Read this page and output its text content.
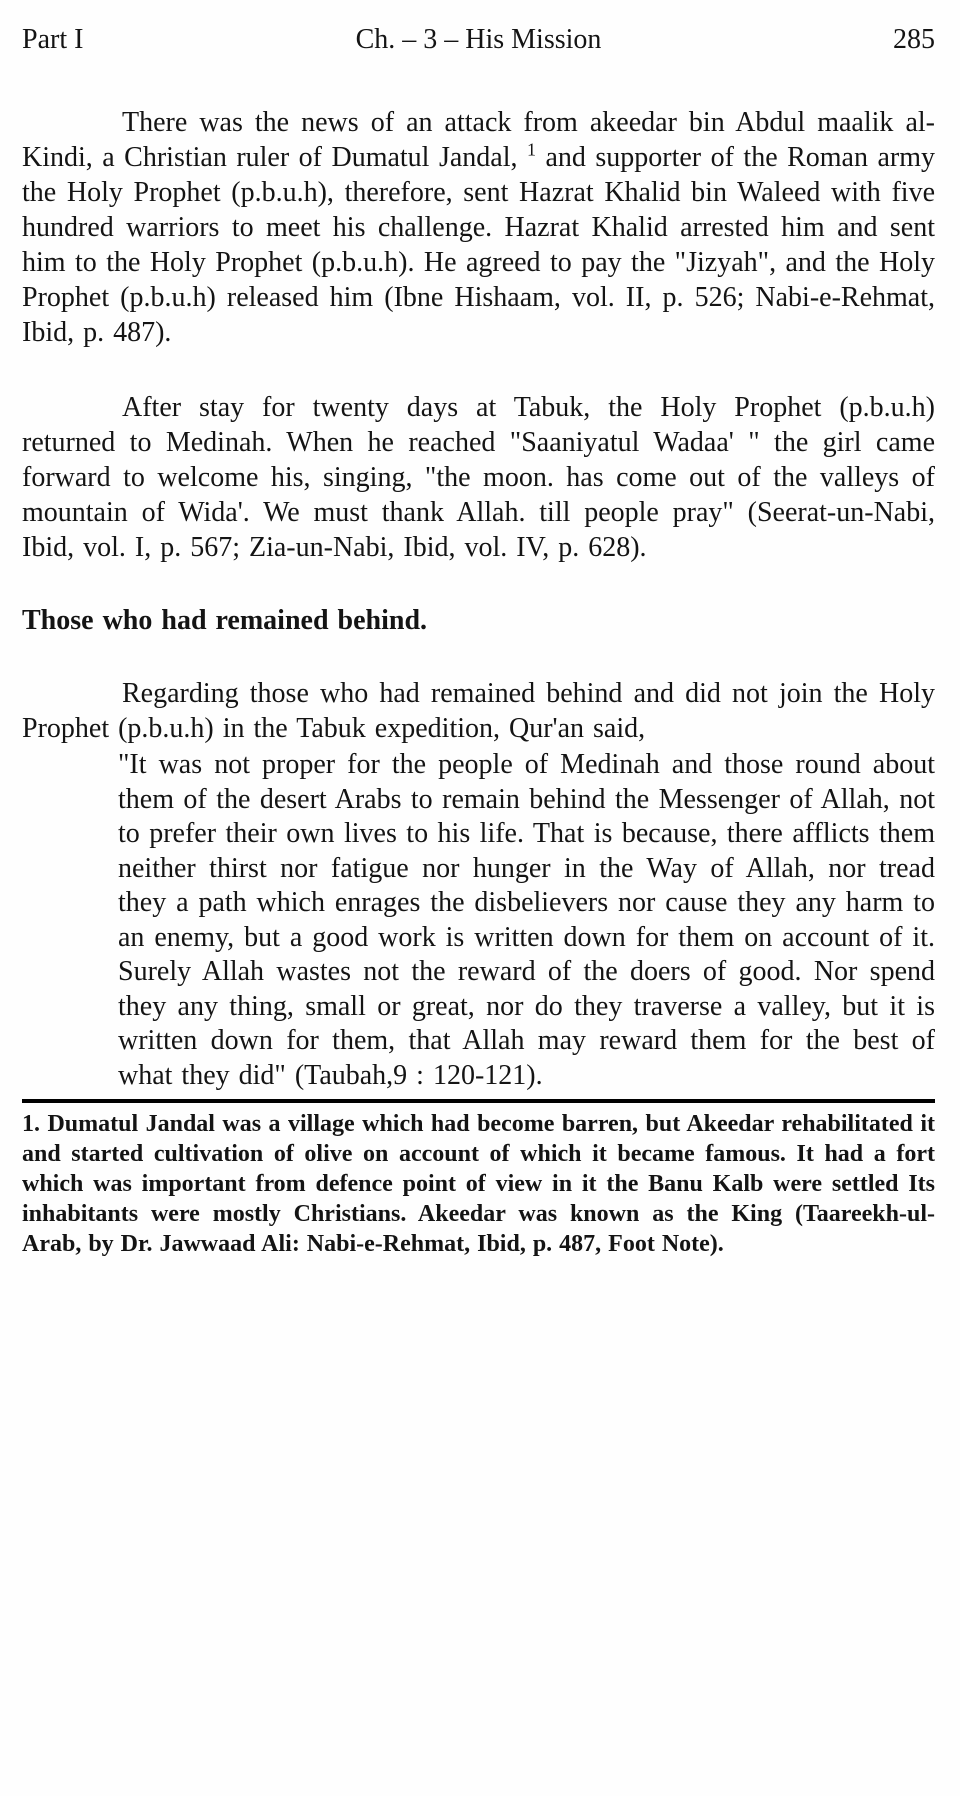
Part I	Ch. – 3 – His Mission	285

There was the news of an attack from akeedar bin Abdul maalik al-Kindi, a Christian ruler of Dumatul Jandal, $^1$ and supporter of the Roman army the Holy Prophet (p.b.u.h), therefore, sent Hazrat Khalid bin Waleed with five hundred warriors to meet his challenge. Hazrat Khalid arrested him and sent him to the Holy Prophet (p.b.u.h). He agreed to pay the "Jizyah", and the Holy Prophet (p.b.u.h) released him (Ibne Hishaam, vol. II, p. 526; Nabi-e-Rehmat, Ibid, p. 487).

After stay for twenty days at Tabuk, the Holy Prophet (p.b.u.h) returned to Medinah. When he reached "Saaniyatul Wadaa' " the girl came forward to welcome his, singing, "the moon. has come out of the valleys of mountain of Wida'. We must thank Allah. till people pray" (Seerat-un-Nabi, Ibid, vol. I, p. 567; Zia-un-Nabi, Ibid, vol. IV, p. 628).

Those who had remained behind.

Regarding those who had remained behind and did not join the Holy Prophet (p.b.u.h) in the Tabuk expedition, Qur'an said,

"It was not proper for the people of Medinah and those round about them of the desert Arabs to remain behind the Messenger of Allah, not to prefer their own lives to his life. That is because, there afflicts them neither thirst nor fatigue nor hunger in the Way of Allah, nor tread they a path which enrages the disbelievers nor cause they any harm to an enemy, but a good work is written down for them on account of it. Surely Allah wastes not the reward of the doers of good. Nor spend they any thing, small or great, nor do they traverse a valley, but it is written down for them, that Allah may reward them for the best of what they did" (Taubah,9 : 120-121).
1. Dumatul Jandal was a village which had become barren, but Akeedar rehabilitated it and started cultivation of olive on account of which it became famous. It had a fort which was important from defence point of view in it the Banu Kalb were settled Its inhabitants were mostly Christians. Akeedar was known as the King (Taareekh-ul-Arab, by Dr. Jawwaad Ali: Nabi-e-Rehmat, Ibid, p. 487, Foot Note).
